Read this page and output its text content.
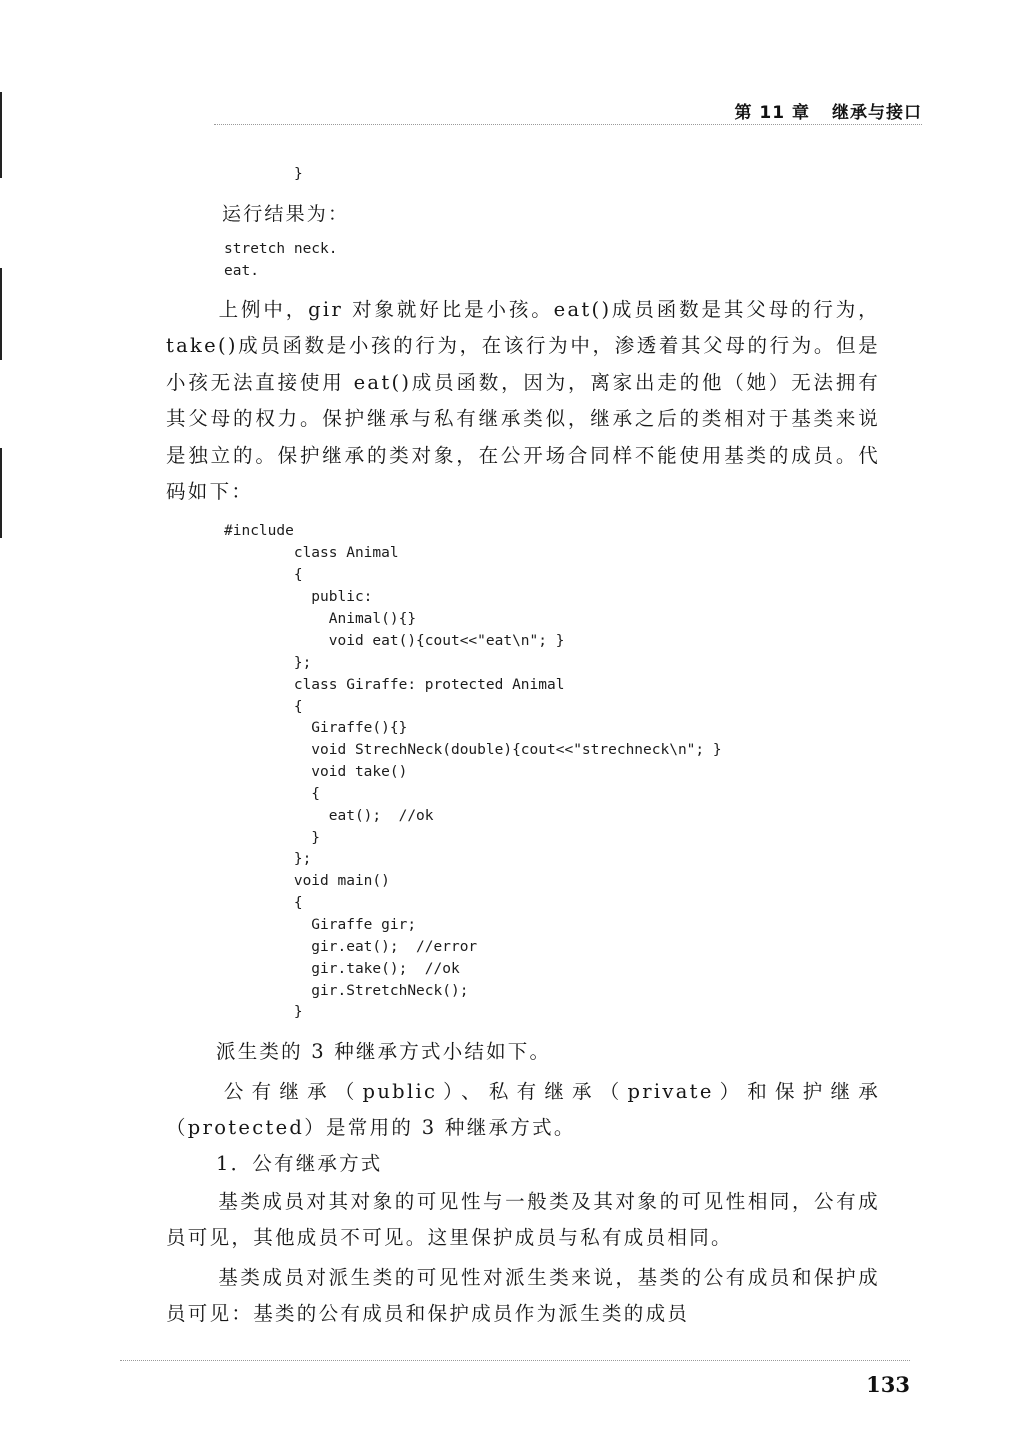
第 11 章 继承与接口
}
运行结果为：
stretch neck.
eat.

上例中，gir 对象就好比是小孩。eat()成员函数是其父母的行为，take()成员函数是小孩的行为，在该行为中，渗透着其父母的行为。但是小孩无法直接使用 eat()成员函数，因为，离家出走的他（她）无法拥有其父母的权力。保护继承与私有继承类似，继承之后的类相对于基类来说是独立的。保护继承的类对象，在公开场合同样不能使用基类的成员。代码如下：

#include
class Animal
{
public:
Animal(){}
void eat(){cout<<"eat\n"; }
};
class Giraffe: protected Animal
{
Giraffe(){}
void StrechNeck(double){cout<<"strechneck\n"; }
void take()
{
eat();  //ok
}
};
void main()
{
Giraffe gir;
gir.eat();  //error
gir.take();  //ok
gir.StretchNeck();
}
派生类的 3 种继承方式小结如下。

公有继承（public）、私有继承（private）和保护继承（protected）是常用的 3 种继承方式。

1．公有继承方式

基类成员对其对象的可见性与一般类及其对象的可见性相同，公有成员可见，其他成员不可见。这里保护成员与私有成员相同。

基类成员对派生类的可见性对派生类来说，基类的公有成员和保护成员可见：基类的公有成员和保护成员作为派生类的成员

133
